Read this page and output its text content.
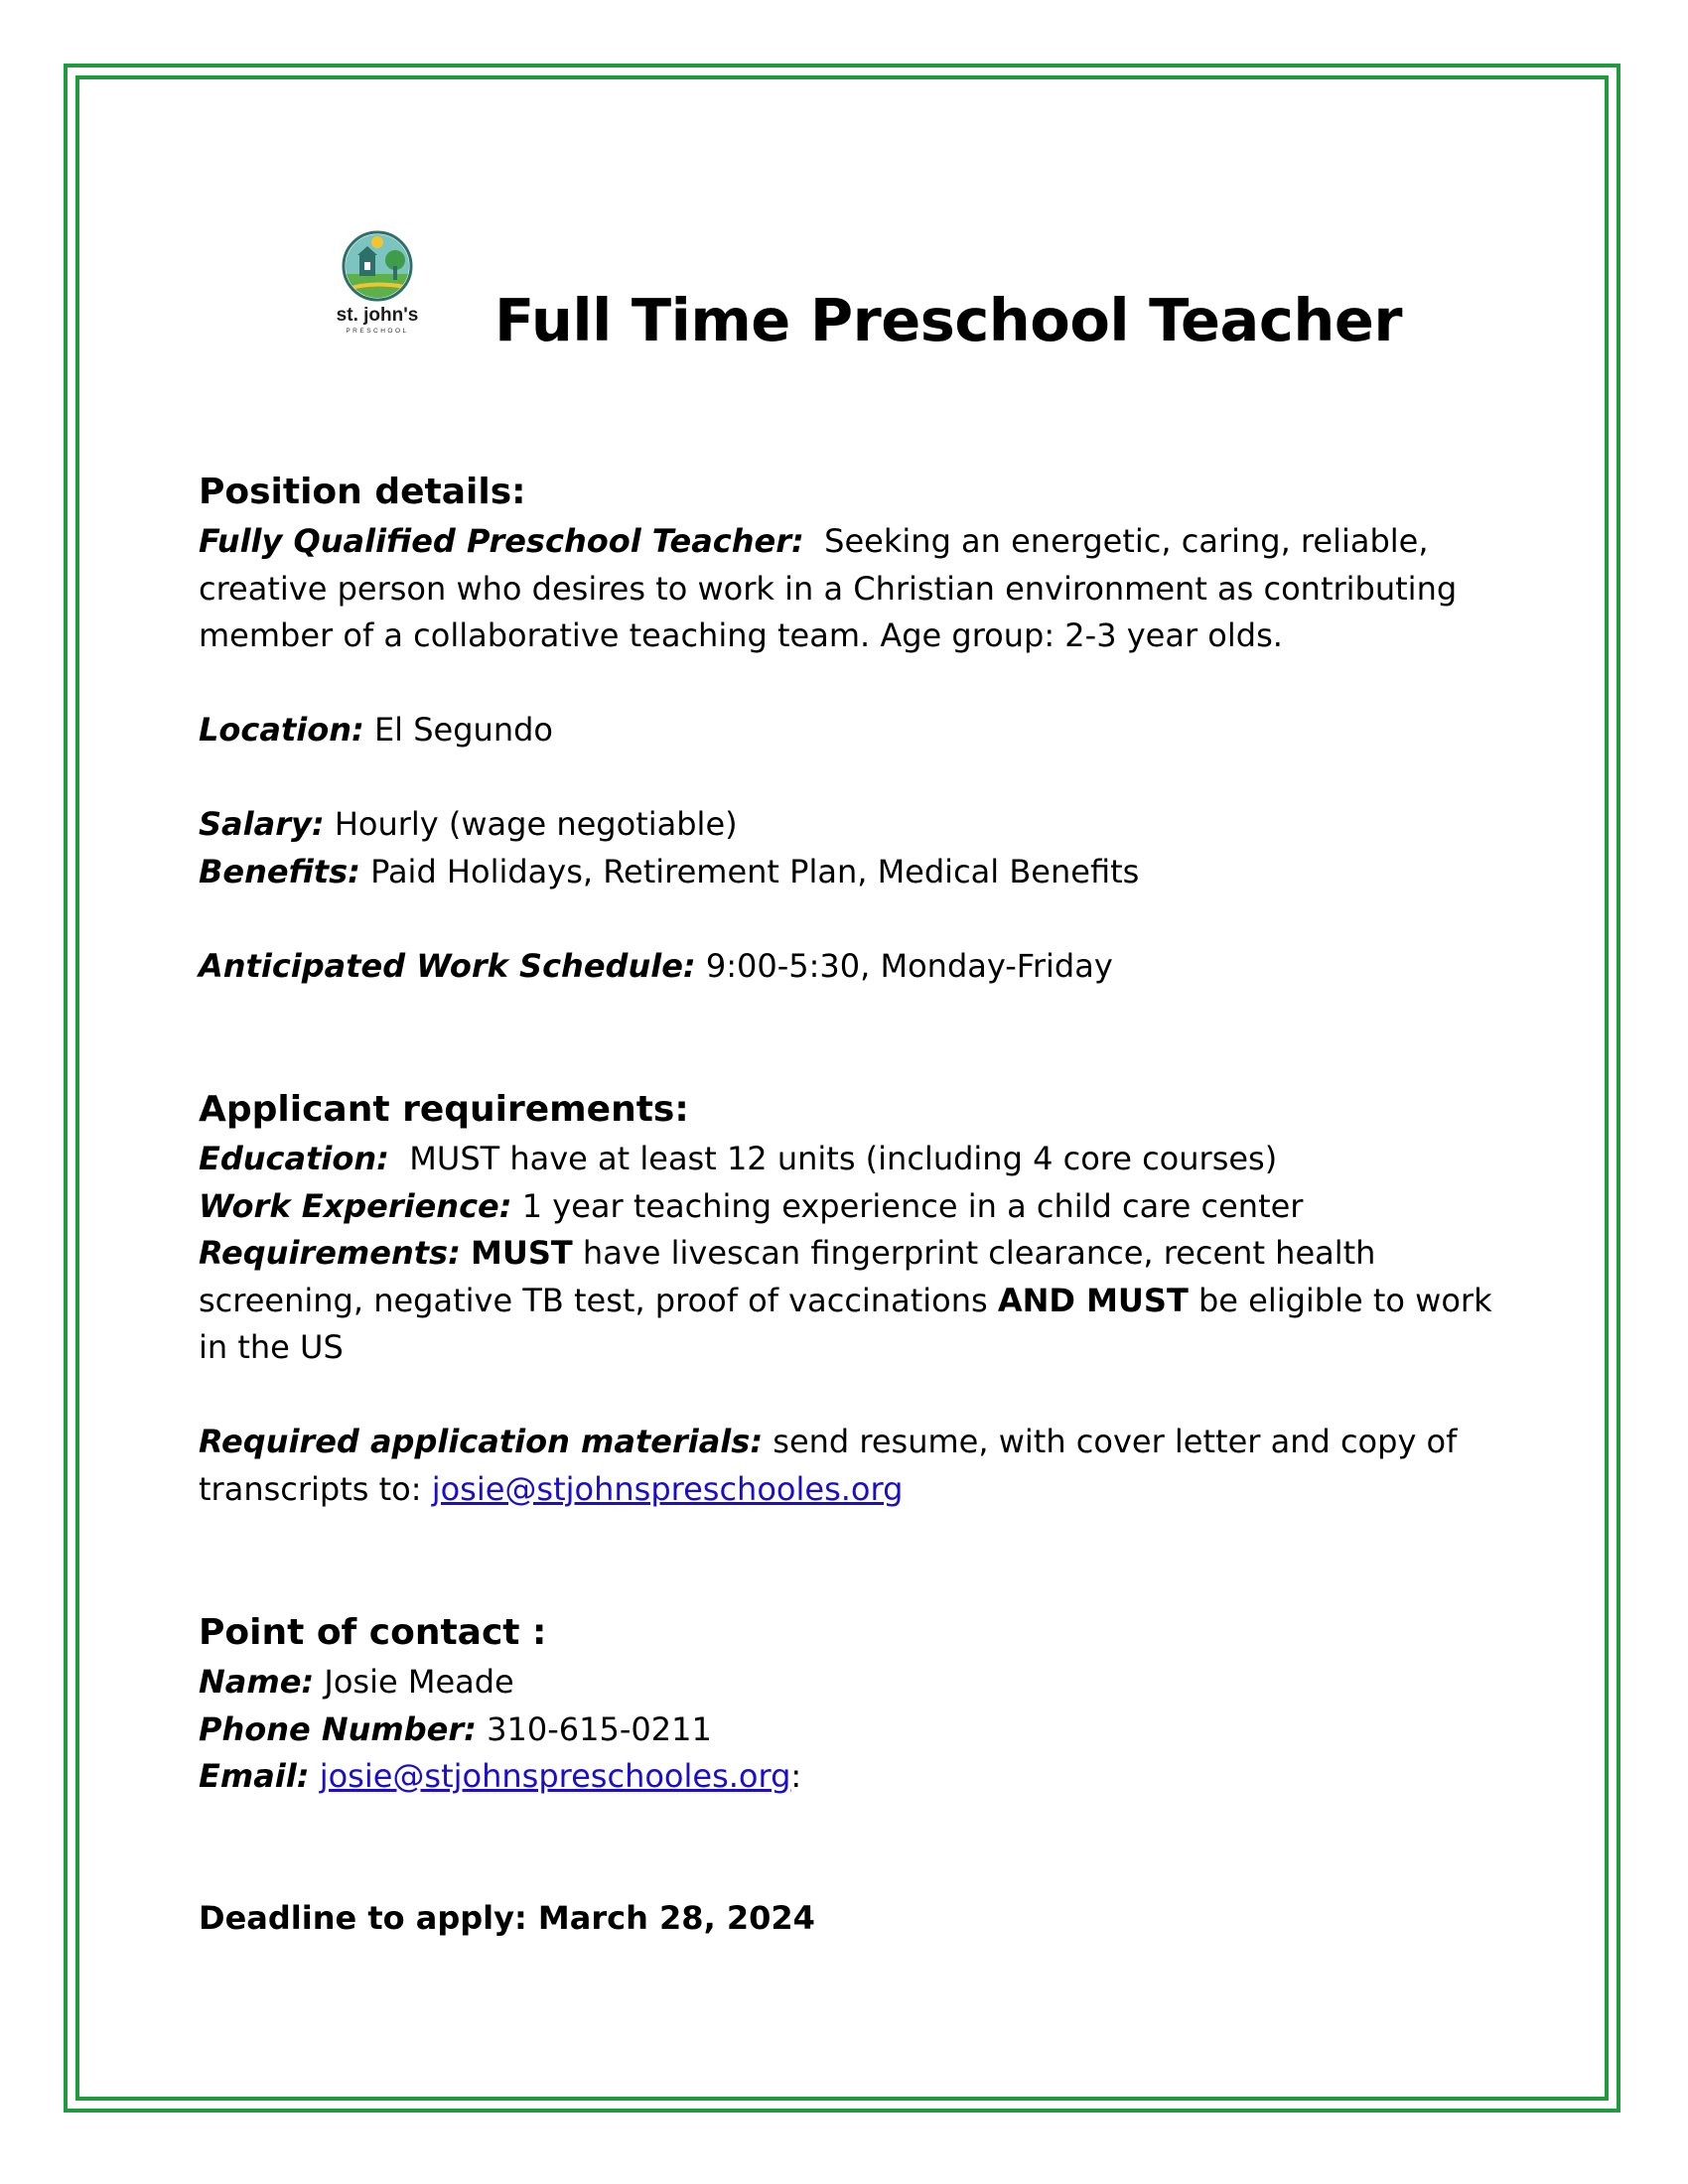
st. john's
PRESCHOOL Full Time Preschool Teacher

Position details:

Fully Qualified Preschool Teacher: Seeking an energetic, caring, reliable, creative person who desires to work in a Christian environment as contributing member of a collaborative teaching team. Age group: 2-3 year olds.

Location: El Segundo

Salary: Hourly (wage negotiable)

Benefits: Paid Holidays, Retirement Plan, Medical Benefits

Anticipated Work Schedule: 9:00-5:30, Monday-Friday

Applicant requirements:

Education: MUST have at least 12 units (including 4 core courses)

Work Experience: 1 year teaching experience in a child care center

Requirements: MUST have livescan fingerprint clearance, recent health screening, negative TB test, proof of vaccinations AND MUST be eligible to work in the US

Required application materials: send resume, with cover letter and copy of transcripts to: josie@stjohnspreschooles.org

Point of contact :

Name: Josie Meade

Phone Number: 310-615-0211

Email: josie@stjohnspreschooles.org:

Deadline to apply: March 28, 2024
